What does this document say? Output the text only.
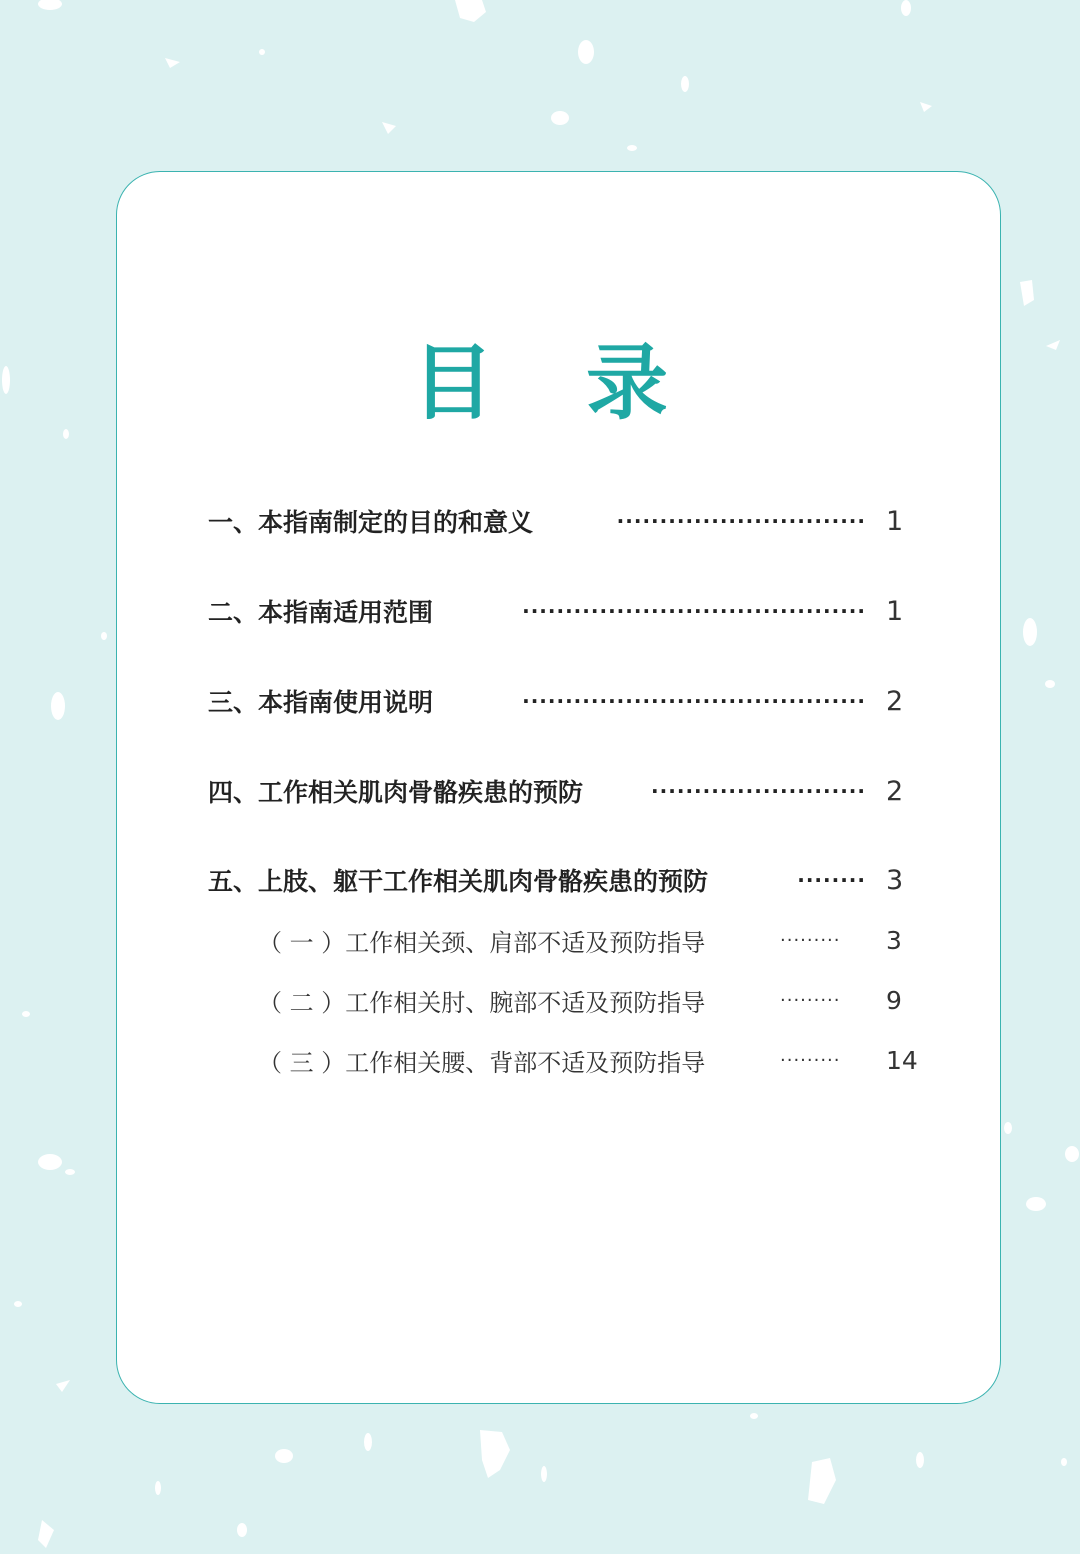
目 录
一、本指南制定的目的和意义	····························· 1
二、本指南适用范围	········································ 1
三、本指南使用说明	········································ 2
四、工作相关肌肉骨骼疾患的预防	························· 2
五、上肢、躯干工作相关肌肉骨骼疾患的预防	········ 3
（ 一 ）工作相关颈、肩部不适及预防指导	········· 3
（ 二 ）工作相关肘、腕部不适及预防指导	········· 9
（ 三 ）工作相关腰、背部不适及预防指导	········· 14
